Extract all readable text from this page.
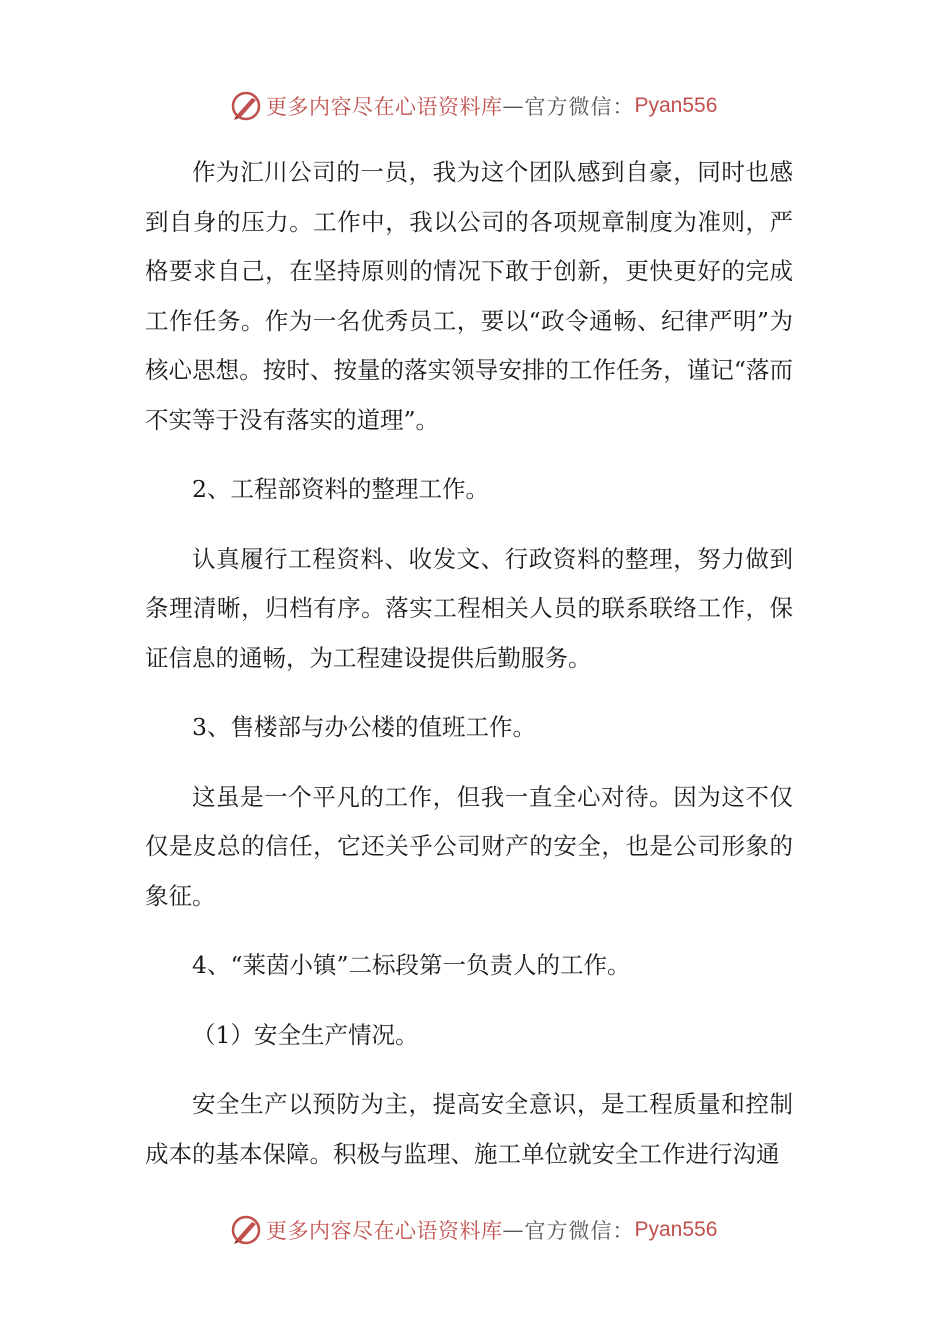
更多内容尽在心语资料库 — 官方微信： Pyan556

作为汇川公司的一员，我为这个团队感到自豪，同时也感到自身的压力。工作中，我以公司的各项规章制度为准则，严格要求自己，在坚持原则的情况下敢于创新，更快更好的完成工作任务。作为一名优秀员工，要以“政令通畅、纪律严明”为核心思想。按时、按量的落实领导安排的工作任务，谨记“落而不实等于没有落实的道理”。

2、工程部资料的整理工作。

认真履行工程资料、收发文、行政资料的整理，努力做到条理清晰，归档有序。落实工程相关人员的联系联络工作，保证信息的通畅，为工程建设提供后勤服务。

3、售楼部与办公楼的值班工作。

这虽是一个平凡的工作，但我一直全心对待。因为这不仅仅是皮总的信任，它还关乎公司财产的安全，也是公司形象的象征。

4、“莱茵小镇”二标段第一负责人的工作。

（1）安全生产情况。

安全生产以预防为主，提高安全意识，是工程质量和控制成本的基本保障。积极与监理、施工单位就安全工作进行沟通

更多内容尽在心语资料库 — 官方微信： Pyan556
